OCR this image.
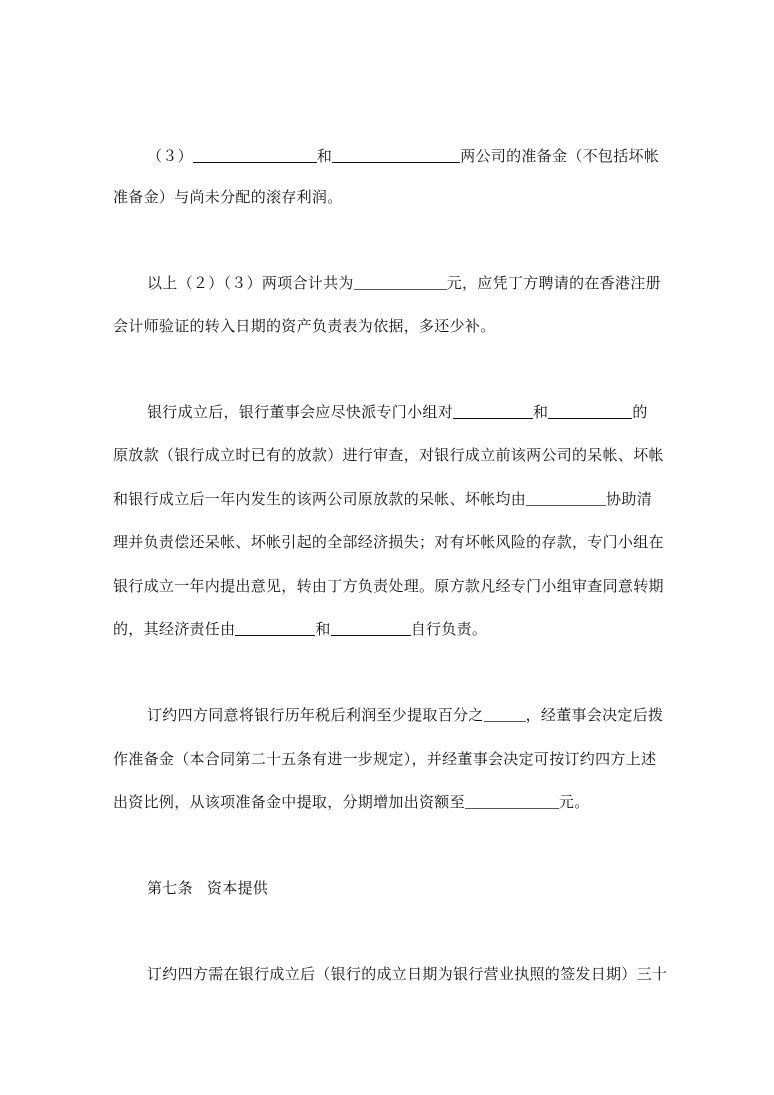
（３）	和	两公司的准备金（不包括坏帐
准备金）与尚未分配的滚存利润。
以上（２）（３）两项合计共为	元，应凭丁方聘请的在香港注册
会计师验证的转入日期的资产负责表为依据，多还少补。
银行成立后，银行董事会应尽快派专门小组对	和	的
原放款（银行成立时已有的放款）进行审查，对银行成立前该两公司的呆帐、坏帐
和银行成立后一年内发生的该两公司原放款的呆帐、坏帐均由	协助清
理并负责偿还呆帐、坏帐引起的全部经济损失；对有坏帐风险的存款，专门小组在
银行成立一年内提出意见，转由丁方负责处理。原方款凡经专门小组审查同意转期
的，其经济责任由	和	自行负责。
订约四方同意将银行历年税后利润至少提取百分之	，经董事会决定后拨
作准备金（本合同第二十五条有进一步规定），并经董事会决定可按订约四方上述
出资比例，从该项准备金中提取，分期增加出资额至	元。
第七条 资本提供
订约四方需在银行成立后（银行的成立日期为银行营业执照的签发日期）三十
